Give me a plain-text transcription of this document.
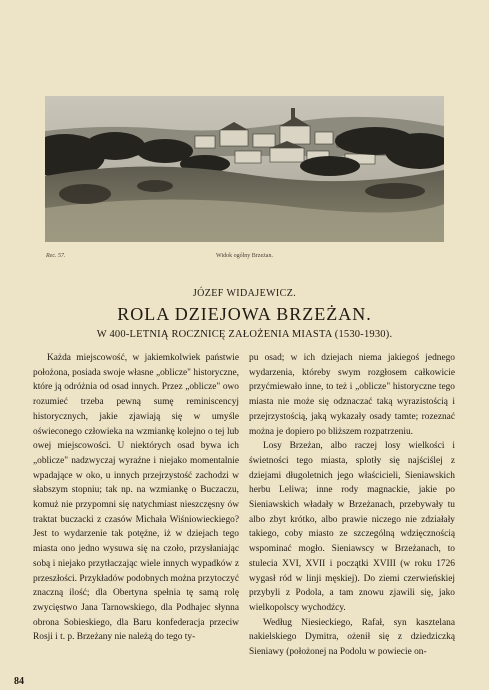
Rec. 57.	Widok ogólny Brzeżan.
JÓZEF WIDAJEWICZ.
ROLA DZIEJOWA BRZEŻAN.
W 400-LETNIĄ ROCZNICĘ ZAŁOŻENIA MIASTA (1530-1930).

Każda miejscowość, w jakiemkolwiek państwie położona, posiada swoje własne „oblicze" historyczne, które ją odróżnia od osad innych. Przez „oblicze" owo rozumieć trzeba pewną sumę reminiscencyj historycznych, jakie zjawiają się w umyśle oświeconego człowieka na wzmiankę kolejno o tej lub owej miejscowości. U niektórych osad bywa ich „oblicze" nadzwyczaj wyraźne i niejako momentalnie wpadające w oko, u innych przejrzystość zachodzi w słabszym stopniu; tak np. na wzmiankę o Buczaczu, komuż nie przypomni się natychmiast nieszczęsny ów traktat buczacki z czasów Michała Wiśniowieckiego? Jest to wydarzenie tak potężne, iż w dziejach tego miasta ono jedno wysuwa się na czoło, przysłaniając sobą i niejako przytłaczając wiele innych wypadków z przeszłości. Przykładów podobnych można przytoczyć znaczną ilość; dla Obertyna spełnia tę samą rolę zwycięstwo Jana Tarnowskiego, dla Podhajec słynna obrona Sobieskiego, dla Baru konfederacja przeciw Rosji i t. p. Brzeżany nie należą do tego ty-

pu osad; w ich dziejach niema jakiegoś jednego wydarzenia, któreby swym rozgłosem całkowicie przyćmiewało inne, to też i „oblicze" historyczne tego miasta nie może się odznaczać taką wyrazistością i przejrzystością, jaką wykazały osady tamte; rozeznać można je dopiero po bliższem rozpatrzeniu.

Losy Brzeżan, albo raczej losy wielkości i świetności tego miasta, splotły się najściślej z dziejami długoletnich jego właścicieli, Sieniawskich herbu Leliwa; inne rody magnackie, jakie po Sieniawskich władały w Brzeżanach, przebywały tu albo zbyt krótko, albo prawie niczego nie zdziałały takiego, coby miasto ze szczególną wdzięcznością wspominać mogło. Sieniawscy w Brzeżanach, to stulecia XVI, XVII i początki XVIII (w roku 1726 wygasł ród w linji męskiej). Do ziemi czerwieńskiej przybyli z Podola, a tam znowu zjawili się, jako wielkopolscy wychodźcy.

Według Niesieckiego, Rafał, syn kasztelana nakielskiego Dymitra, ożenił się z dziedziczką Sieniawy (położonej na Podolu w powiecie on-

84
